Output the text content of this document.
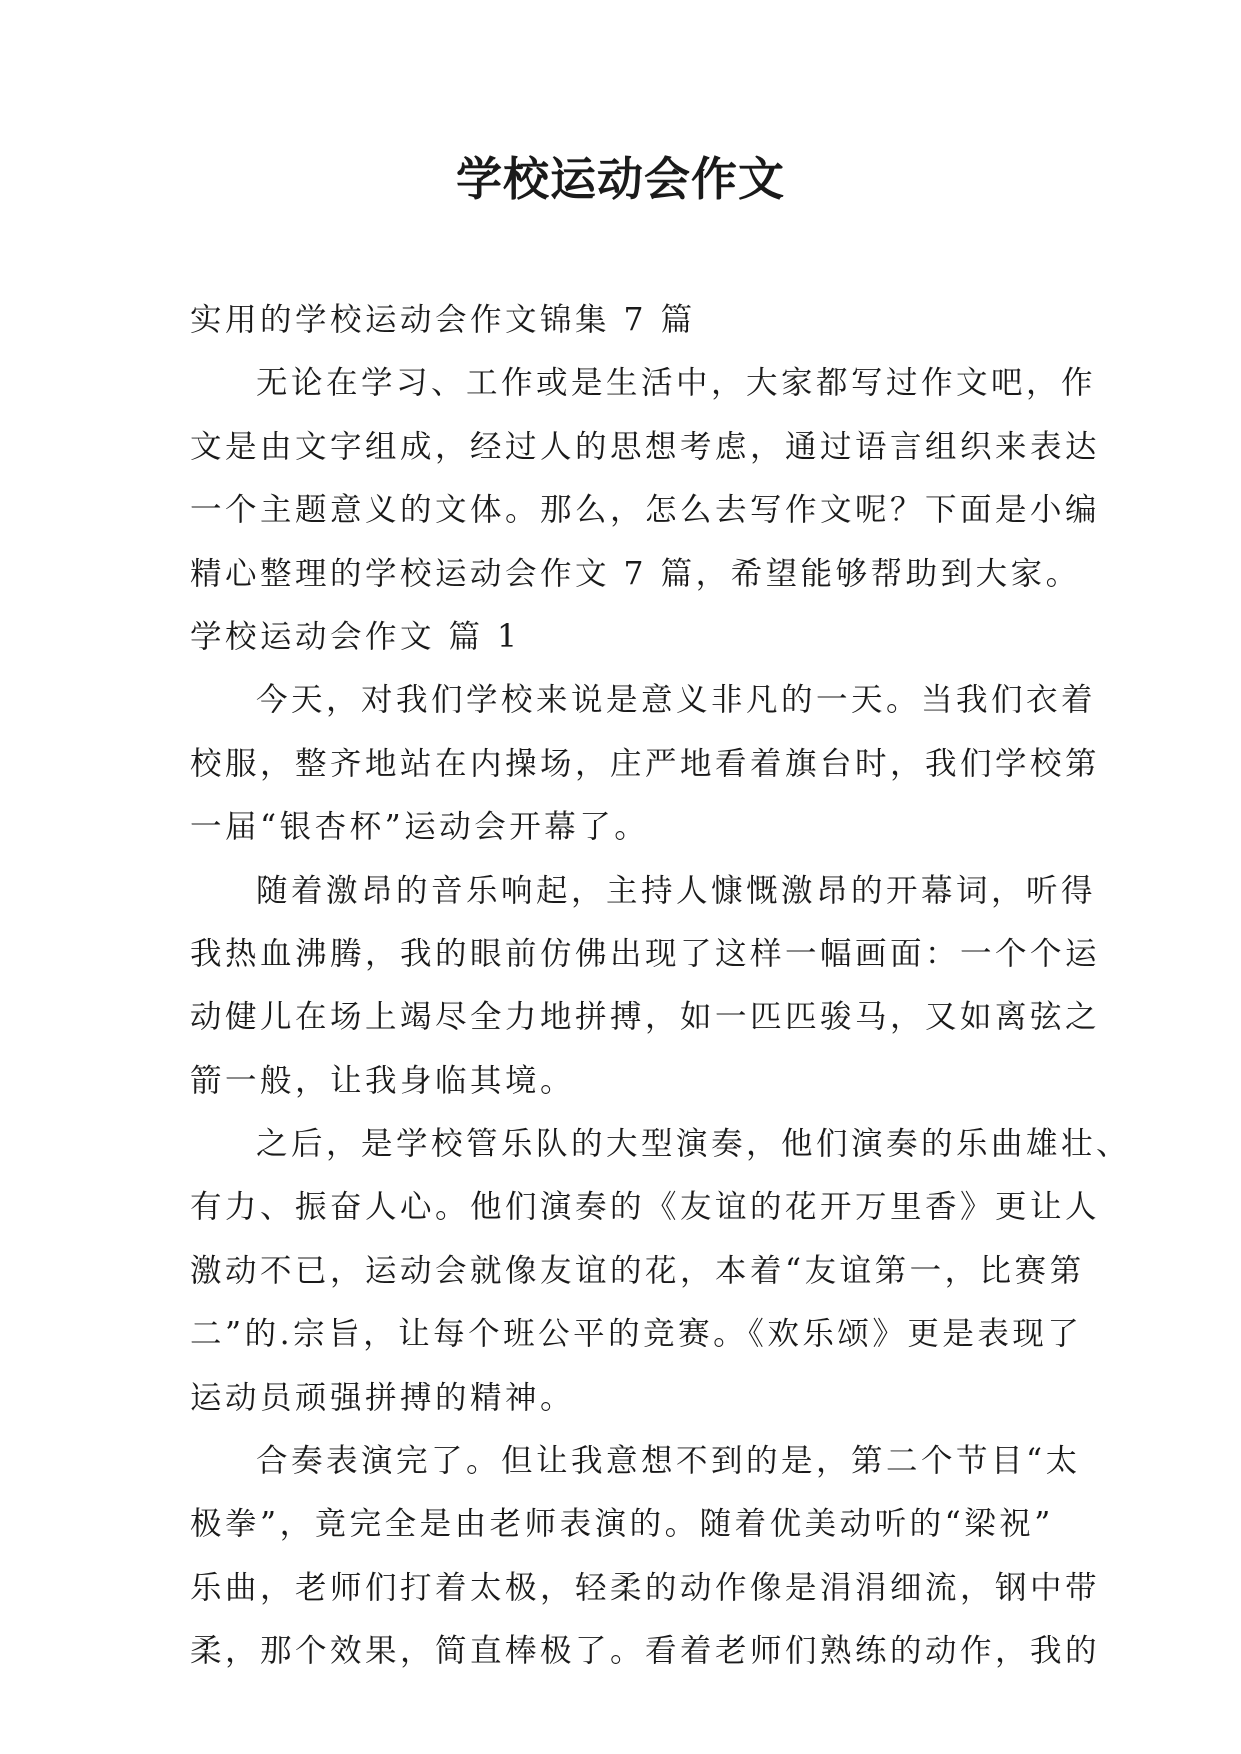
学校运动会作文
实用的学校运动会作文锦集 7 篇
无论在学习、工作或是生活中，大家都写过作文吧，作
文是由文字组成，经过人的思想考虑，通过语言组织来表达
一个主题意义的文体。那么，怎么去写作文呢？下面是小编
精心整理的学校运动会作文 7 篇，希望能够帮助到大家。
学校运动会作文 篇 1
今天，对我们学校来说是意义非凡的一天。当我们衣着
校服，整齐地站在内操场，庄严地看着旗台时，我们学校第
一届“银杏杯”运动会开幕了。
随着激昂的音乐响起，主持人慷慨激昂的开幕词，听得
我热血沸腾，我的眼前仿佛出现了这样一幅画面：一个个运
动健儿在场上竭尽全力地拼搏，如一匹匹骏马，又如离弦之
箭一般，让我身临其境。
之后，是学校管乐队的大型演奏，他们演奏的乐曲雄壮、
有力、振奋人心。他们演奏的《友谊的花开万里香》更让人
激动不已，运动会就像友谊的花，本着“友谊第一，比赛第
二”的.宗旨，让每个班公平的竞赛。《欢乐颂》更是表现了
运动员顽强拼搏的精神。
合奏表演完了。但让我意想不到的是，第二个节目“太
极拳”，竟完全是由老师表演的。随着优美动听的“梁祝”
乐曲，老师们打着太极，轻柔的动作像是涓涓细流，钢中带
柔，那个效果，简直棒极了。看着老师们熟练的动作，我的
